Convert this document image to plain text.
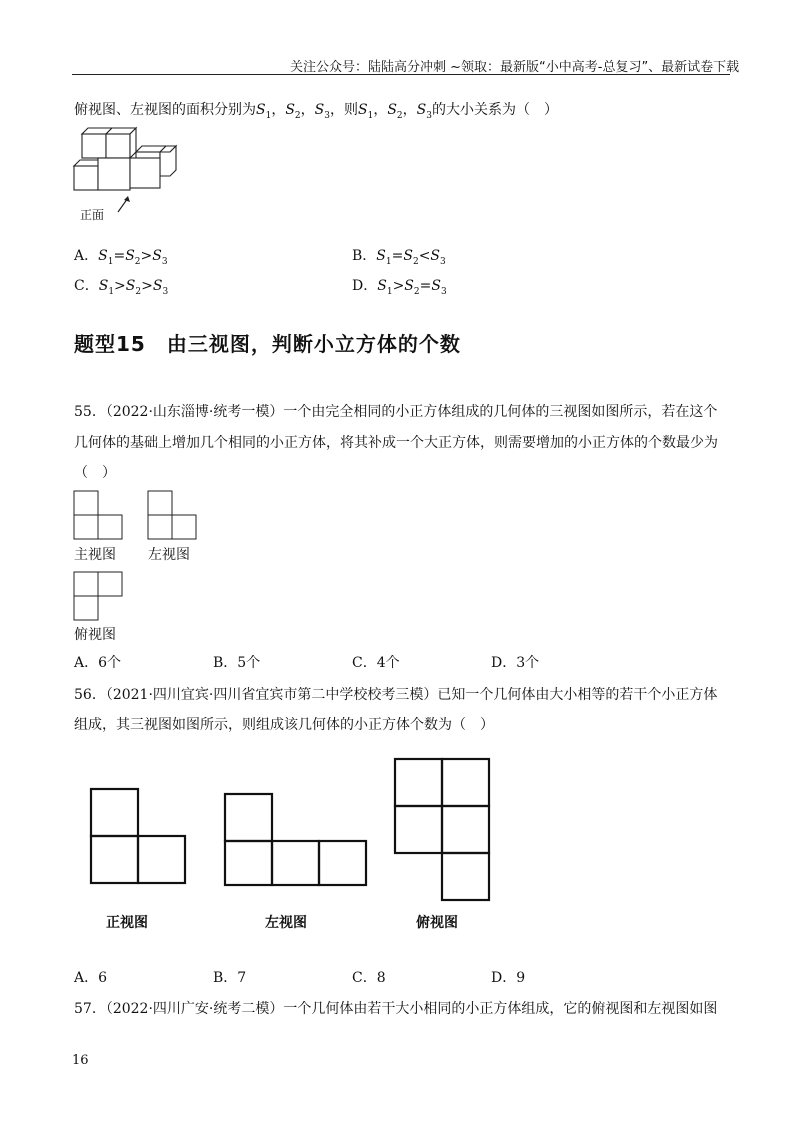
关注公众号：陆陆高分冲刺 ~领取：最新版“小中高考-总复习”、最新试卷下载
俯视图、左视图的面积分别为$S_1$，$S_2$，$S_3$，则$S_1$，$S_2$，$S_3$的大小关系为（　）
正面
A．$S_1=S_2>S_3$	B．$S_1=S_2<S_3$
C．$S_1>S_2>S_3$	D．$S_1>S_2=S_3$
题型15　由三视图，判断小立方体的个数
55．（2022·山东淄博·统考一模）一个由完全相同的小正方体组成的几何体的三视图如图所示，若在这个
几何体的基础上增加几个相同的小正方体，将其补成一个大正方体，则需要增加的小正方体的个数最少为
（　）
主视图 左视图
俯视图
A．6个	B．5个	C．4个	D．3个
56．（2021·四川宜宾·四川省宜宾市第二中学校校考三模）已知一个几何体由大小相等的若干个小正方体
组成，其三视图如图所示，则组成该几何体的小正方体个数为（　）
正视图	左视图	俯视图
A．6	B．7	C．8	D．9
57．（2022·四川广安·统考二模）一个几何体由若干大小相同的小正方体组成，它的俯视图和左视图如图
16
